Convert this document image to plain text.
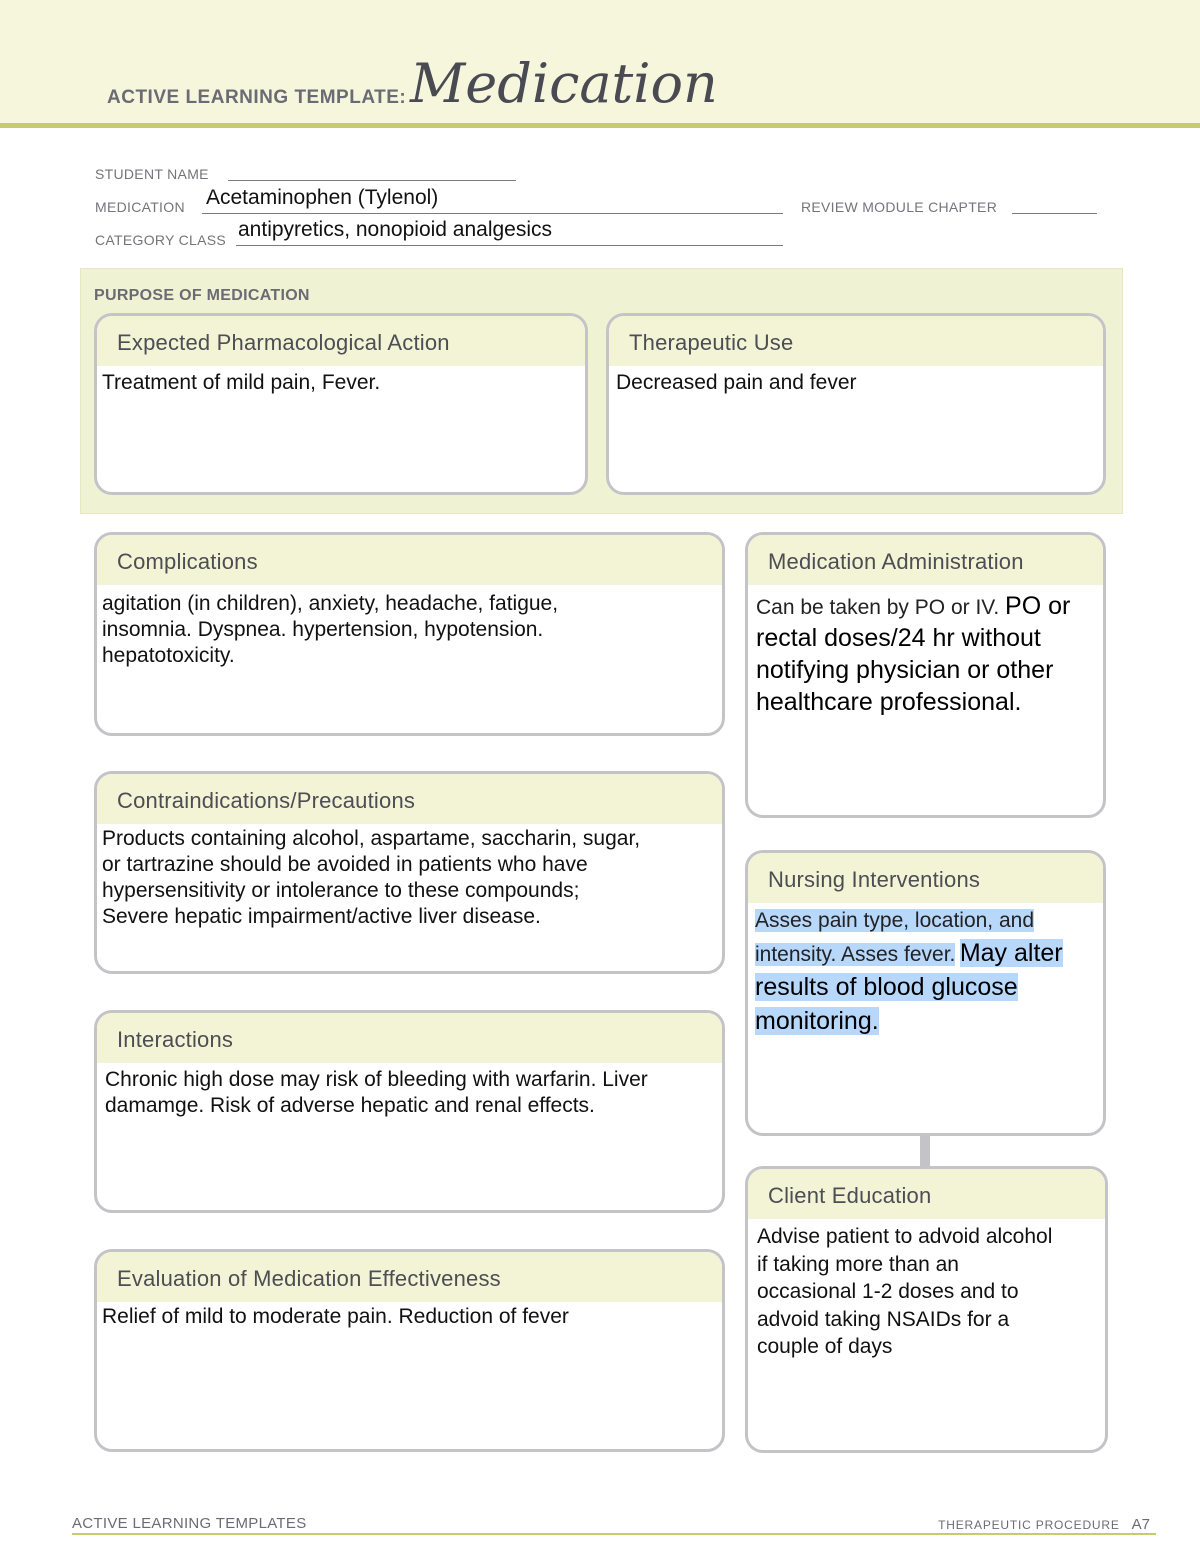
ACTIVE LEARNING TEMPLATE: Medication
STUDENT NAME
MEDICATION Acetaminophen (Tylenol)	REVIEW MODULE CHAPTER
CATEGORY CLASS antipyretics, nonopioid analgesics
PURPOSE OF MEDICATION
Expected Pharmacological Action
Treatment of mild pain, Fever.
Therapeutic Use
Decreased pain and fever
Complications
agitation (in children), anxiety, headache, fatigue,
insomnia. Dyspnea. hypertension, hypotension.
hepatotoxicity.
Contraindications/Precautions
Products containing alcohol, aspartame, saccharin, sugar,
or tartrazine should be avoided in patients who have
hypersensitivity or intolerance to these compounds;
Severe hepatic impairment/active liver disease.
Interactions
Chronic high dose may risk of bleeding with warfarin. Liver
damamge. Risk of adverse hepatic and renal effects.
Evaluation of Medication Effectiveness
Relief of mild to moderate pain. Reduction of fever
Medication Administration
Can be taken by PO or IV. PO or rectal doses/24 hr without notifying physician or other healthcare professional.
Nursing Interventions
Asses pain type, location, and intensity. Asses fever. May alter results of blood glucose monitoring.
Client Education
Advise patient to advoid alcohol
if taking more than an
occasional 1-2 doses and to
advoid taking NSAIDs for a
couple of days
ACTIVE LEARNING TEMPLATES	THERAPEUTIC PROCEDURE A7
